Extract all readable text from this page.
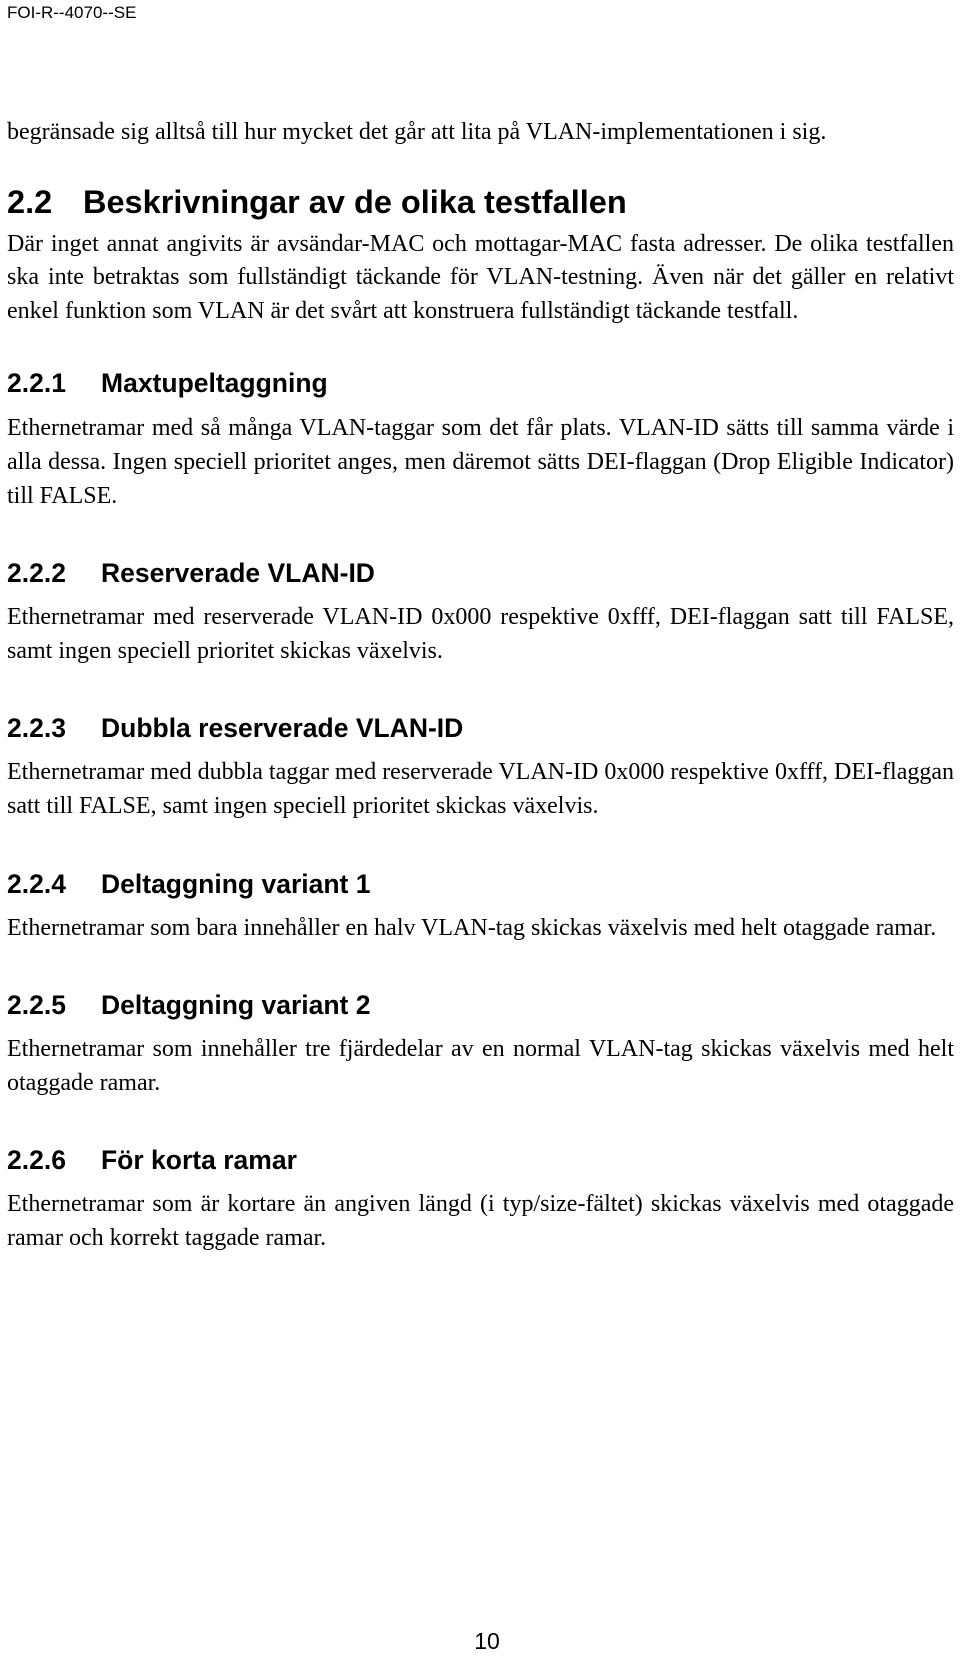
FOI-R--4070--SE

begränsade sig alltså till hur mycket det går att lita på VLAN-implementationen i sig.

2.2 Beskrivningar av de olika testfallen

Där inget annat angivits är avsändar-MAC och mottagar-MAC fasta adresser. De olika testfallen ska inte betraktas som fullständigt täckande för VLAN-testning. Även när det gäller en relativt enkel funktion som VLAN är det svårt att konstruera fullständigt täckande testfall.

2.2.1 Maxtupeltaggning

Ethernetramar med så många VLAN-taggar som det får plats. VLAN-ID sätts till samma värde i alla dessa. Ingen speciell prioritet anges, men däremot sätts DEI-flaggan (Drop Eligible Indicator) till FALSE.

2.2.2 Reserverade VLAN-ID

Ethernetramar med reserverade VLAN-ID 0x000 respektive 0xfff, DEI-flaggan satt till FALSE, samt ingen speciell prioritet skickas växelvis.

2.2.3 Dubbla reserverade VLAN-ID

Ethernetramar med dubbla taggar med reserverade VLAN-ID 0x000 respektive 0xfff, DEI-flaggan satt till FALSE, samt ingen speciell prioritet skickas växelvis.

2.2.4 Deltaggning variant 1

Ethernetramar som bara innehåller en halv VLAN-tag skickas växelvis med helt otaggade ramar.

2.2.5 Deltaggning variant 2

Ethernetramar som innehåller tre fjärdedelar av en normal VLAN-tag skickas växelvis med helt otaggade ramar.

2.2.6 För korta ramar

Ethernetramar som är kortare än angiven längd (i typ/size-fältet) skickas växelvis med otaggade ramar och korrekt taggade ramar.

10
